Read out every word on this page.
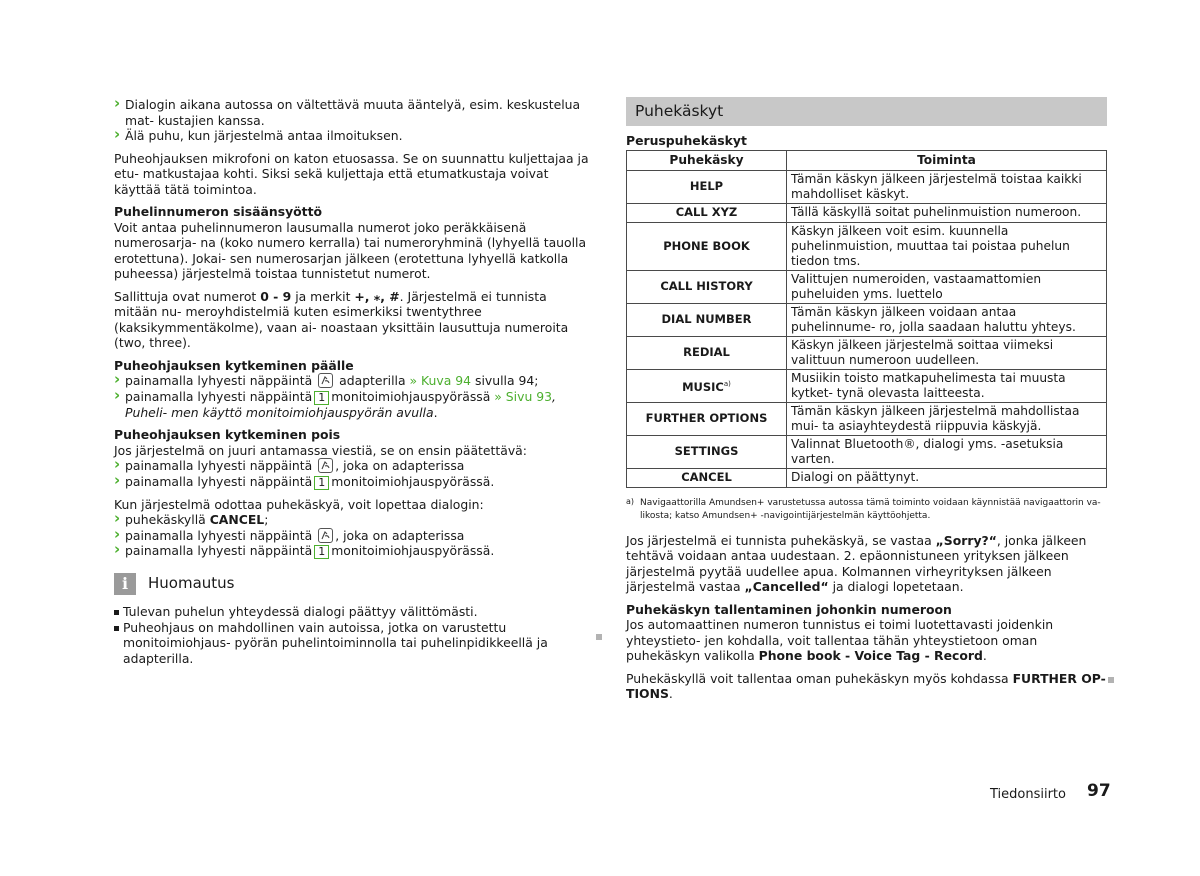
› Dialogin aikana autossa on vältettävä muuta ääntelyä, esim. keskustelua mat- kustajien kanssa.
› Älä puhu, kun järjestelmä antaa ilmoituksen.

Puheohjauksen mikrofoni on katon etuosassa. Se on suunnattu kuljettajaa ja etu- matkustajaa kohti. Siksi sekä kuljettaja että etumatkustaja voivat käyttää tätä toimintoa.

Puhelinnumeron sisäänsyöttö

Voit antaa puhelinnumeron lausumalla numerot joko peräkkäisenä numerosarja- na (koko numero kerralla) tai numeroryhminä (lyhyellä tauolla erotettuna). Jokai- sen numerosarjan jälkeen (erotettuna lyhyellä katkolla puheessa) järjestelmä toistaa tunnistetut numerot.

Sallittuja ovat numerot 0 - 9 ja merkit +, ⁎, #. Järjestelmä ei tunnista mitään nu- meroyhdistelmiä kuten esimerkiksi twentythree (kaksikymmentäkolme), vaan ai- noastaan yksittäin lausuttuja numeroita (two, three).

Puheohjauksen kytkeminen päälle

› painamalla lyhyesti näppäintä adapterilla » Kuva 94 sivulla 94;
› painamalla lyhyesti näppäintä 1 monitoimiohjauspyörässä » Sivu 93, Puheli- men käyttö monitoimiohjauspyörän avulla.

Puheohjauksen kytkeminen pois

Jos järjestelmä on juuri antamassa viestiä, se on ensin päätettävä:
› painamalla lyhyesti näppäintä , joka on adapterissa
› painamalla lyhyesti näppäintä 1 monitoimiohjauspyörässä.
Kun järjestelmä odottaa puhekäskyä, voit lopettaa dialogin:
› puhekäskyllä CANCEL;
› painamalla lyhyesti näppäintä , joka on adapterissa
› painamalla lyhyesti näppäintä 1 monitoimiohjauspyörässä.
i	Huomautus
Tulevan puhelun yhteydessä dialogi päättyy välittömästi.
Puheohjaus on mahdollinen vain autoissa, jotka on varustettu monitoimiohjaus- pyörän puhelintoiminnolla tai puhelinpidikkeellä ja adapterilla.
Puhekäskyt

Peruspuhekäskyt

Puhekäsky	Toiminta
HELP	Tämän käskyn jälkeen järjestelmä toistaa kaikki mahdolliset käskyt.
CALL XYZ	Tällä käskyllä soitat puhelinmuistion numeroon.
PHONE BOOK	Käskyn jälkeen voit esim. kuunnella puhelinmuistion, muuttaa tai poistaa puhelun tiedon tms.
CALL HISTORY	Valittujen numeroiden, vastaamattomien puheluiden yms. luettelo
DIAL NUMBER	Tämän käskyn jälkeen voidaan antaa puhelinnume- ro, jolla saadaan haluttu yhteys.
REDIAL	Käskyn jälkeen järjestelmä soittaa viimeksi valittuun numeroon uudelleen.
MUSIC$^{a)}$	Musiikin toisto matkapuhelimesta tai muusta kytket- tynä olevasta laitteesta.
FURTHER OPTIONS	Tämän käskyn jälkeen järjestelmä mahdollistaa mui- ta asiayhteydestä riippuvia käskyjä.
SETTINGS	Valinnat Bluetooth®, dialogi yms. -asetuksia varten.
CANCEL	Dialogi on päättynyt.
a) Navigaattorilla Amundsen+ varustetussa autossa tämä toiminto voidaan käynnistää navigaattorin va- likosta; katso Amundsen+ -navigointijärjestelmän käyttöohjetta.

Jos järjestelmä ei tunnista puhekäskyä, se vastaa „Sorry?“, jonka jälkeen tehtävä voidaan antaa uudestaan. 2. epäonnistuneen yrityksen jälkeen järjestelmä pyytää uudellee apua. Kolmannen virheyrityksen jälkeen järjestelmä vastaa „Cancelled“ ja dialogi lopetetaan.

Puhekäskyn tallentaminen johonkin numeroon

Jos automaattinen numeron tunnistus ei toimi luotettavasti joidenkin yhteystieto- jen kohdalla, voit tallentaa tähän yhteystietoon oman puhekäskyn valikolla Phone book - Voice Tag - Record.

Puhekäskyllä voit tallentaa oman puhekäskyn myös kohdassa FURTHER OP- TIONS.

Tiedonsiirto 97
